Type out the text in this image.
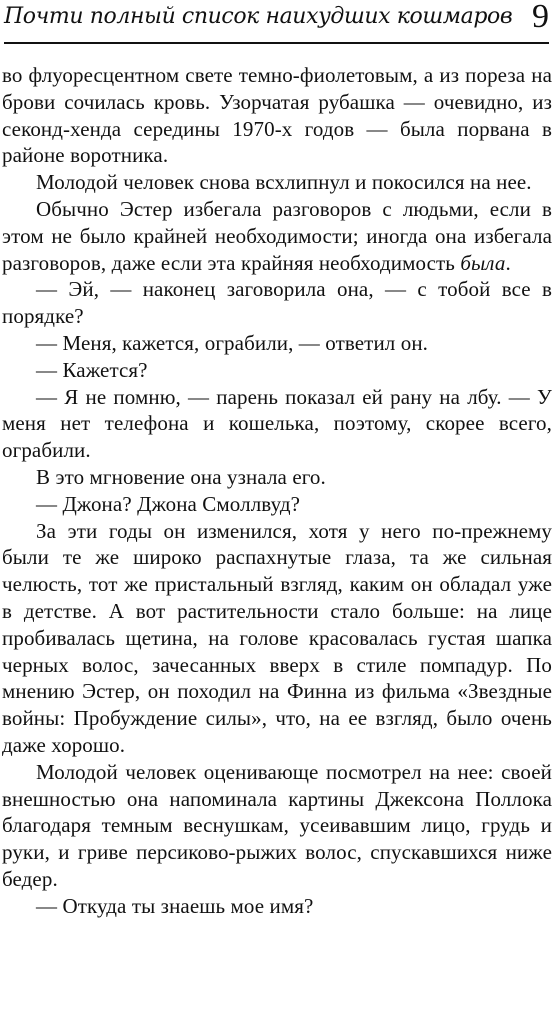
Почти полный список наихудших кошмаров 9

во флуоресцентном свете темно-фиолетовым, а из пореза на брови сочилась кровь. Узорчатая рубашка — очевидно, из секонд-хенда середины 1970-х годов — была порвана в районе воротника.

Молодой человек снова всхлипнул и покосился на нее.

Обычно Эстер избегала разговоров с людьми, если в этом не было крайней необходимости; иногда она избегала разговоров, даже если эта крайняя необходимость была.

— Эй, — наконец заговорила она, — с тобой все в порядке?

— Меня, кажется, ограбили, — ответил он.

— Кажется?

— Я не помню, — парень показал ей рану на лбу. — У меня нет телефона и кошелька, поэтому, скорее всего, ограбили.

В это мгновение она узнала его.

— Джона? Джона Смоллвуд?

За эти годы он изменился, хотя у него по-прежнему были те же широко распахнутые глаза, та же сильная челюсть, тот же пристальный взгляд, каким он обладал уже в детстве. А вот растительности стало больше: на лице пробивалась щетина, на голове красовалась густая шапка черных волос, зачесанных вверх в стиле помпадур. По мнению Эстер, он походил на Финна из фильма «Звездные войны: Пробуждение силы», что, на ее взгляд, было очень даже хорошо.

Молодой человек оценивающе посмотрел на нее: своей внешностью она напоминала картины Джексона Поллока благодаря темным веснушкам, усеивавшим лицо, грудь и руки, и гриве персиково-рыжих волос, спускавшихся ниже бедер.

— Откуда ты знаешь мое имя?
